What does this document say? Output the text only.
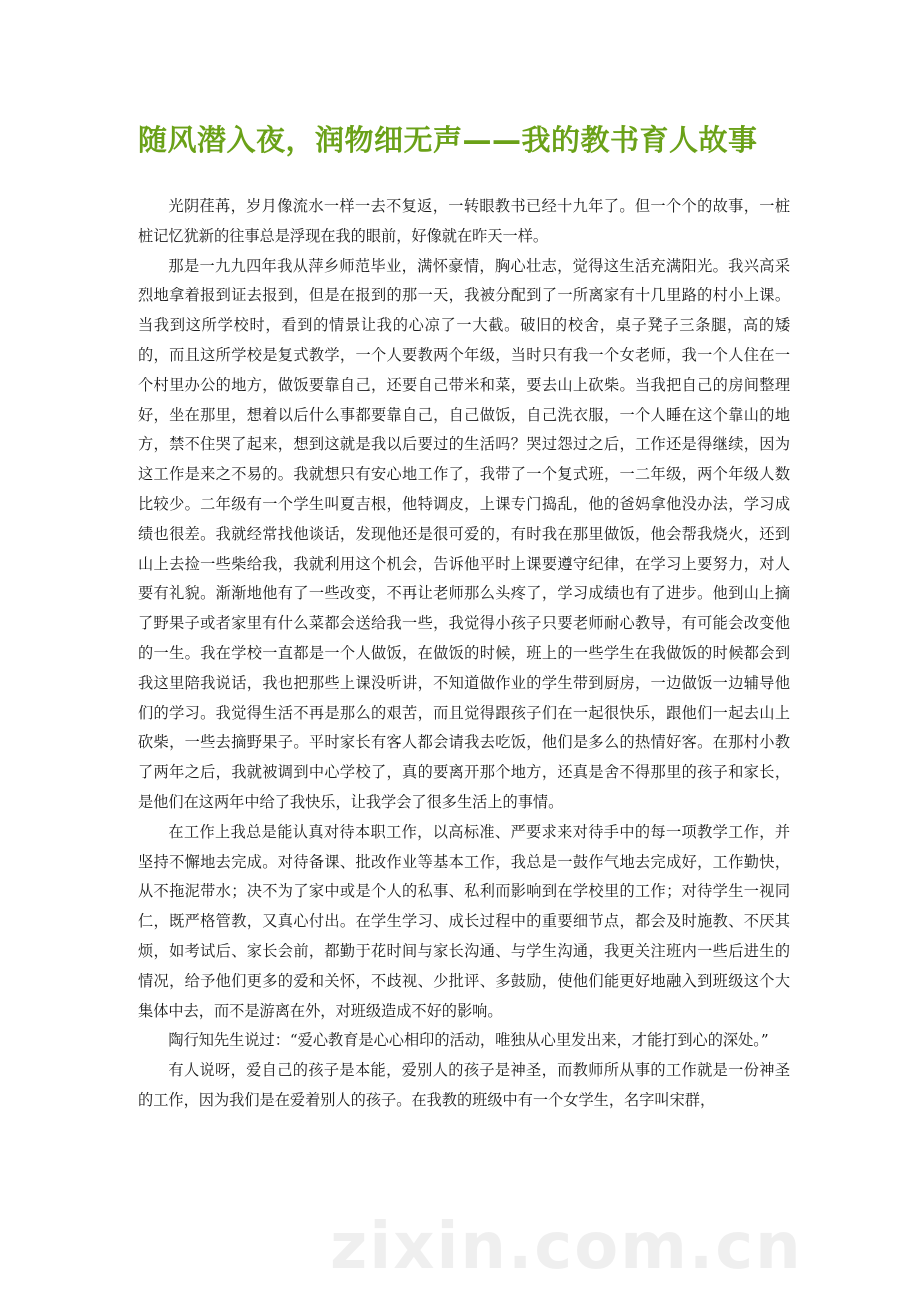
随风潜入夜，润物细无声——我的教书育人故事

光阴荏苒，岁月像流水一样一去不复返，一转眼教书已经十九年了。但一个个的故事，一桩桩记忆犹新的往事总是浮现在我的眼前，好像就在昨天一样。

那是一九九四年我从萍乡师范毕业，满怀豪情，胸心壮志，觉得这生活充满阳光。我兴高采烈地拿着报到证去报到，但是在报到的那一天，我被分配到了一所离家有十几里路的村小上课。当我到这所学校时，看到的情景让我的心凉了一大截。破旧的校舍，桌子凳子三条腿，高的矮的，而且这所学校是复式教学，一个人要教两个年级，当时只有我一个女老师，我一个人住在一个村里办公的地方，做饭要靠自己，还要自己带米和菜，要去山上砍柴。当我把自己的房间整理好，坐在那里，想着以后什么事都要靠自己，自己做饭，自己洗衣服，一个人睡在这个靠山的地方，禁不住哭了起来，想到这就是我以后要过的生活吗？哭过怨过之后，工作还是得继续，因为这工作是来之不易的。我就想只有安心地工作了，我带了一个复式班，一二年级，两个年级人数比较少。二年级有一个学生叫夏吉根，他特调皮，上课专门捣乱，他的爸妈拿他没办法，学习成绩也很差。我就经常找他谈话，发现他还是很可爱的，有时我在那里做饭，他会帮我烧火，还到山上去捡一些柴给我，我就利用这个机会，告诉他平时上课要遵守纪律，在学习上要努力，对人要有礼貌。渐渐地他有了一些改变，不再让老师那么头疼了，学习成绩也有了进步。他到山上摘了野果子或者家里有什么菜都会送给我一些，我觉得小孩子只要老师耐心教导，有可能会改变他的一生。我在学校一直都是一个人做饭，在做饭的时候，班上的一些学生在我做饭的时候都会到我这里陪我说话，我也把那些上课没听讲，不知道做作业的学生带到厨房，一边做饭一边辅导他们的学习。我觉得生活不再是那么的艰苦，而且觉得跟孩子们在一起很快乐，跟他们一起去山上砍柴，一些去摘野果子。平时家长有客人都会请我去吃饭，他们是多么的热情好客。在那村小教了两年之后，我就被调到中心学校了，真的要离开那个地方，还真是舍不得那里的孩子和家长，是他们在这两年中给了我快乐，让我学会了很多生活上的事情。

在工作上我总是能认真对待本职工作，以高标准、严要求来对待手中的每一项教学工作，并坚持不懈地去完成。对待备课、批改作业等基本工作，我总是一鼓作气地去完成好，工作勤快，从不拖泥带水；决不为了家中或是个人的私事、私利而影响到在学校里的工作；对待学生一视同仁，既严格管教，又真心付出。在学生学习、成长过程中的重要细节点，都会及时施教、不厌其烦，如考试后、家长会前，都勤于花时间与家长沟通、与学生沟通，我更关注班内一些后进生的情况，给予他们更多的爱和关怀，不歧视、少批评、多鼓励，使他们能更好地融入到班级这个大集体中去，而不是游离在外，对班级造成不好的影响。

陶行知先生说过：“爱心教育是心心相印的活动，唯独从心里发出来，才能打到心的深处。”

有人说呀，爱自己的孩子是本能，爱别人的孩子是神圣，而教师所从事的工作就是一份神圣的工作，因为我们是在爱着别人的孩子。在我教的班级中有一个女学生，名字叫宋群，

zixin.com.cn
